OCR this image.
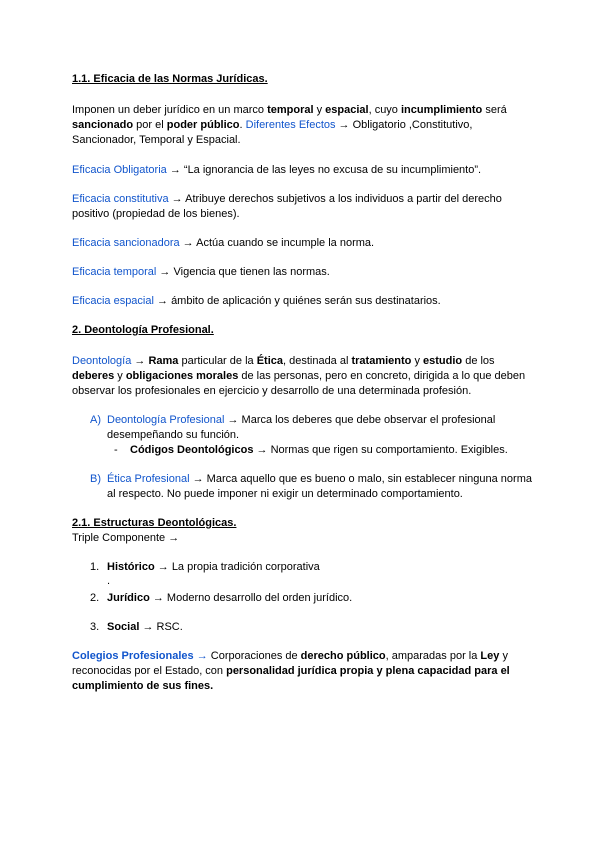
1.1. Eficacia de las Normas Jurídicas.

Imponen un deber jurídico en un marco temporal y espacial, cuyo incumplimiento será sancionado por el poder público. Diferentes Efectos → Obligatorio ,Constitutivo, Sancionador, Temporal y Espacial.

Eficacia Obligatoria → “La ignorancia de las leyes no excusa de su incumplimiento”.

Eficacia constitutiva → Atribuye derechos subjetivos a los individuos a partir del derecho positivo (propiedad de los bienes).

Eficacia sancionadora → Actúa cuando se incumple la norma.

Eficacia temporal → Vigencia que tienen las normas.

Eficacia espacial → ámbito de aplicación y quiénes serán sus destinatarios.

2. Deontología Profesional.

Deontología → Rama particular de la Ética, destinada al tratamiento y estudio de los deberes y obligaciones morales de las personas, pero en concreto, dirigida a lo que deben observar los profesionales en ejercicio y desarrollo de una determinada profesión.

A) Deontología Profesional → Marca los deberes que debe observar el profesional desempeñando su función.
- Códigos Deontológicos → Normas que rigen su comportamiento. Exigibles.
B) Ética Profesional → Marca aquello que es bueno o malo, sin establecer ninguna norma al respecto. No puede imponer ni exigir un determinado comportamiento.

2.1. Estructuras Deontológicas.

Triple Componente →

1. Histórico → La propia tradición corporativa

.

2. Jurídico → Moderno desarrollo del orden jurídico.
3. Social → RSC.

Colegios Profesionales → Corporaciones de derecho público, amparadas por la Ley y reconocidas por el Estado, con personalidad jurídica propia y plena capacidad para el cumplimiento de sus fines.
